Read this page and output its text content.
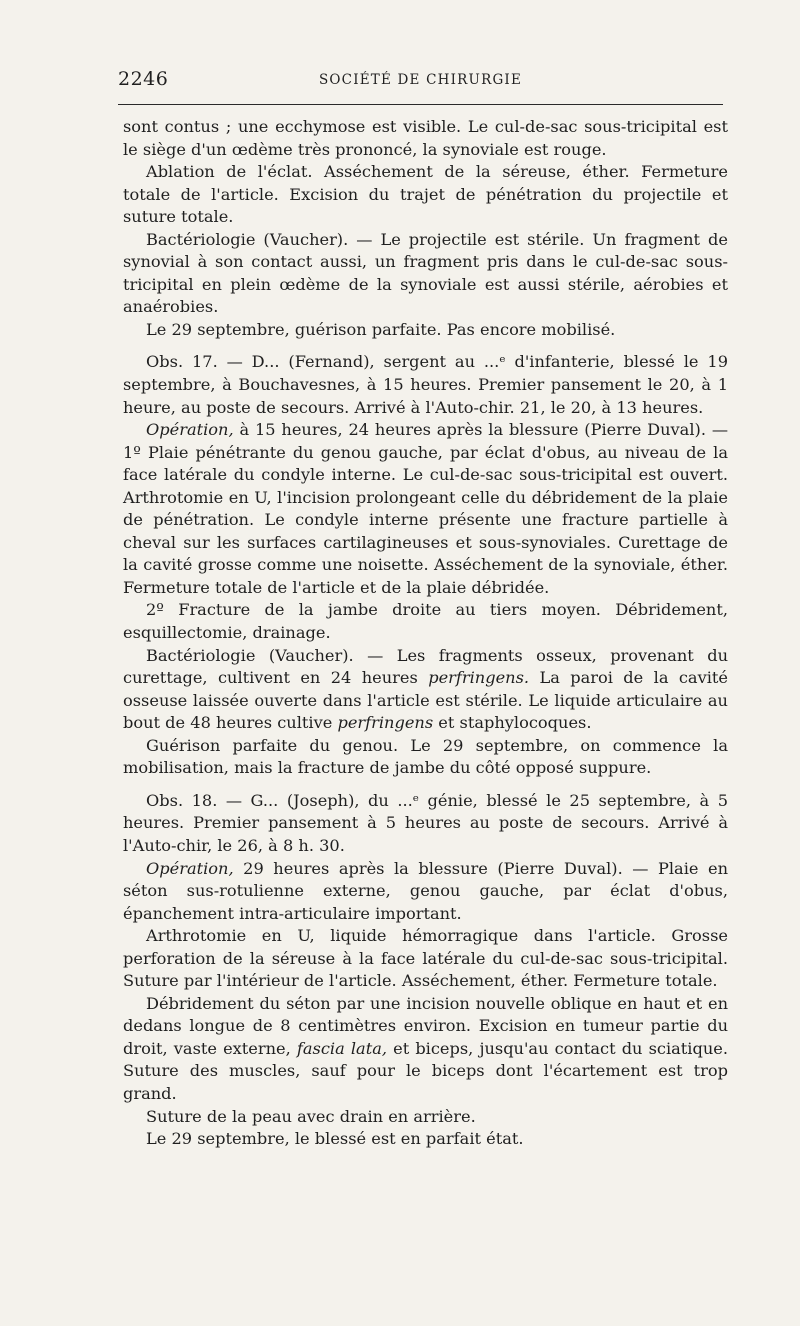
2246	SOCIÉTÉ DE CHIRURGIE

sont contus ; une ecchymose est visible. Le cul-de-sac sous-tricipital est le siège d'un œdème très prononcé, la synoviale est rouge.

Ablation de l'éclat. Asséchement de la séreuse, éther. Fermeture totale de l'article. Excision du trajet de pénétration du projectile et suture totale.

Bactériologie (Vaucher). — Le projectile est stérile. Un fragment de synovial à son contact aussi, un fragment pris dans le cul-de-sac sous-tricipital en plein œdème de la synoviale est aussi stérile, aérobies et anaérobies.

Le 29 septembre, guérison parfaite. Pas encore mobilisé.

Obs. 17. — D... (Fernand), sergent au ...ᵉ d'infanterie, blessé le 19 septembre, à Bouchavesnes, à 15 heures. Premier pansement le 20, à 1 heure, au poste de secours. Arrivé à l'Auto-chir. 21, le 20, à 13 heures.

Opération, à 15 heures, 24 heures après la blessure (Pierre Duval). — 1º Plaie pénétrante du genou gauche, par éclat d'obus, au niveau de la face latérale du condyle interne. Le cul-de-sac sous-tricipital est ouvert. Arthrotomie en U, l'incision prolongeant celle du débridement de la plaie de pénétration. Le condyle interne présente une fracture partielle à cheval sur les surfaces cartilagineuses et sous-synoviales. Curettage de la cavité grosse comme une noisette. Asséchement de la synoviale, éther. Fermeture totale de l'article et de la plaie débridée.

2º Fracture de la jambe droite au tiers moyen. Débridement, esquillectomie, drainage.

Bactériologie (Vaucher). — Les fragments osseux, provenant du curettage, cultivent en 24 heures perfringens. La paroi de la cavité osseuse laissée ouverte dans l'article est stérile. Le liquide articulaire au bout de 48 heures cultive perfringens et staphylocoques.

Guérison parfaite du genou. Le 29 septembre, on commence la mobilisation, mais la fracture de jambe du côté opposé suppure.

Obs. 18. — G... (Joseph), du ...ᵉ génie, blessé le 25 septembre, à 5 heures. Premier pansement à 5 heures au poste de secours. Arrivé à l'Auto-chir, le 26, à 8 h. 30.

Opération, 29 heures après la blessure (Pierre Duval). — Plaie en séton sus-rotulienne externe, genou gauche, par éclat d'obus, épanchement intra-articulaire important.

Arthrotomie en U, liquide hémorragique dans l'article. Grosse perforation de la séreuse à la face latérale du cul-de-sac sous-tricipital. Suture par l'intérieur de l'article. Asséchement, éther. Fermeture totale.

Débridement du séton par une incision nouvelle oblique en haut et en dedans longue de 8 centimètres environ. Excision en tumeur partie du droit, vaste externe, fascia lata, et biceps, jusqu'au contact du sciatique. Suture des muscles, sauf pour le biceps dont l'écartement est trop grand.

Suture de la peau avec drain en arrière.

Le 29 septembre, le blessé est en parfait état.
